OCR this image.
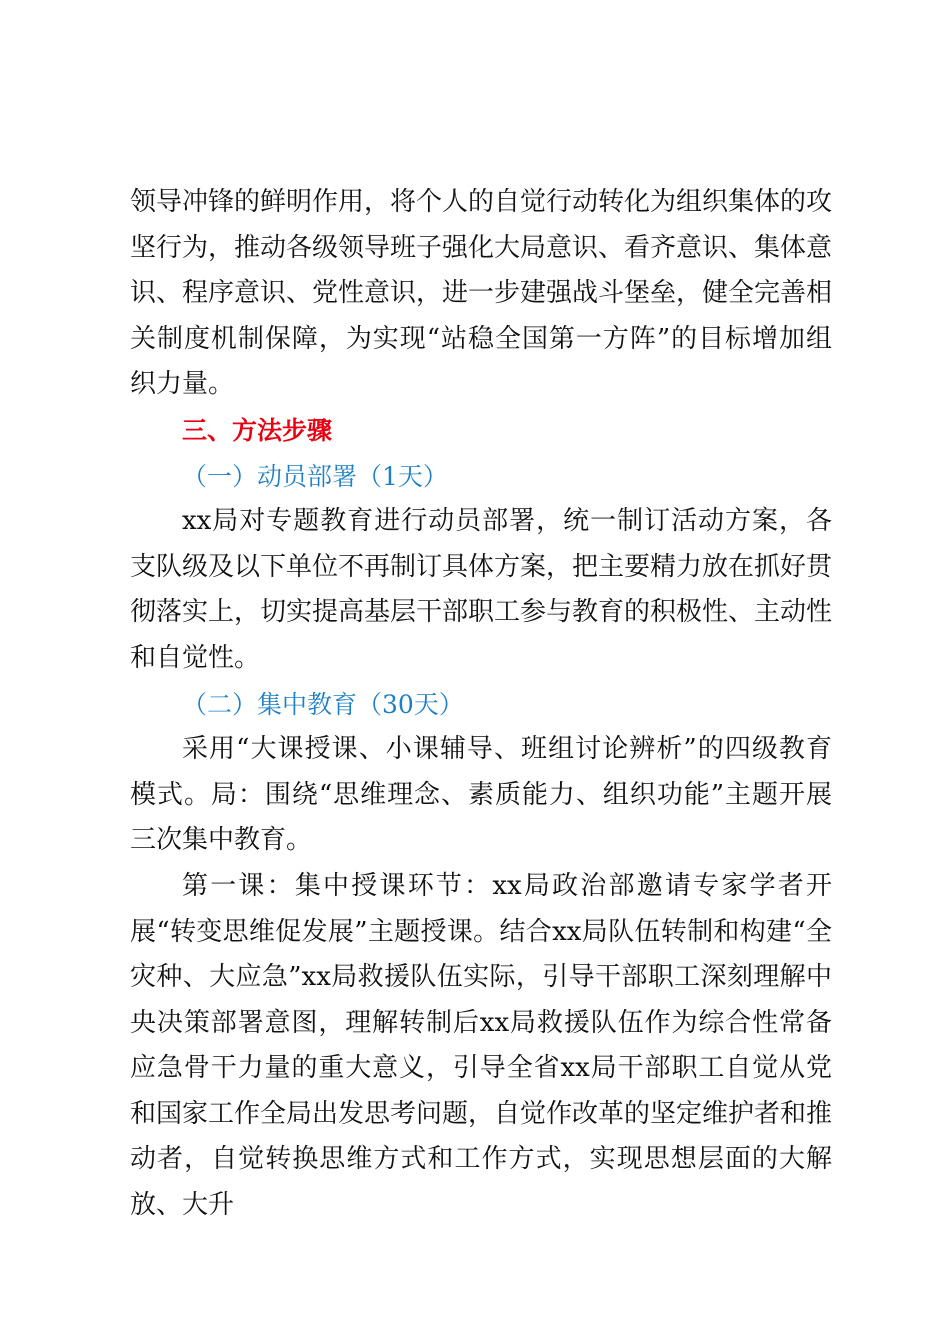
领导冲锋的鲜明作用，将个人的自觉行动转化为组织集体的攻坚行为，推动各级领导班子强化大局意识、看齐意识、集体意识、程序意识、党性意识，进一步建强战斗堡垒，健全完善相关制度机制保障，为实现“站稳全国第一方阵”的目标增加组织力量。

三、方法步骤

（一）动员部署（1天）

xx局对专题教育进行动员部署，统一制订活动方案，各支队级及以下单位不再制订具体方案，把主要精力放在抓好贯彻落实上，切实提高基层干部职工参与教育的积极性、主动性和自觉性。

（二）集中教育（30天）

采用“大课授课、小课辅导、班组讨论辨析”的四级教育模式。局：围绕“思维理念、素质能力、组织功能”主题开展三次集中教育。

第一课：集中授课环节：xx局政治部邀请专家学者开展“转变思维促发展”主题授课。结合xx局队伍转制和构建“全灾种、大应急”xx局救援队伍实际，引导干部职工深刻理解中央决策部署意图，理解转制后xx局救援队伍作为综合性常备应急骨干力量的重大意义，引导全省xx局干部职工自觉从党和国家工作全局出发思考问题，自觉作改革的坚定维护者和推动者，自觉转换思维方式和工作方式，实现思想层面的大解放、大升
